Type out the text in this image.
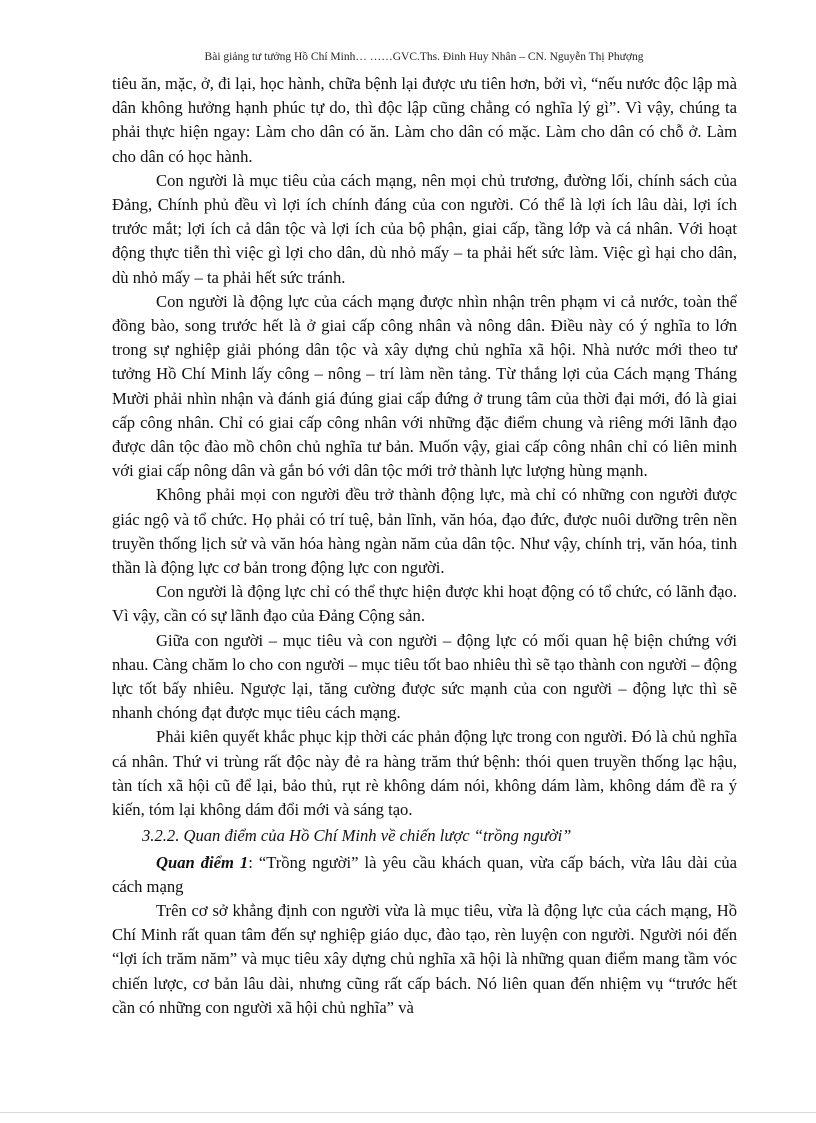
Bài giảng tư tưởng Hồ Chí Minh… ……GVC.Ths. Đinh Huy Nhân – CN. Nguyễn Thị Phượng

tiêu ăn, mặc, ở, đi lại, học hành, chữa bệnh lại được ưu tiên hơn, bởi vì, “nếu nước độc lập mà dân không hưởng hạnh phúc tự do, thì độc lập cũng chẳng có nghĩa lý gì”. Vì vậy, chúng ta phải thực hiện ngay: Làm cho dân có ăn. Làm cho dân có mặc. Làm cho dân có chỗ ở. Làm cho dân có học hành.

Con người là mục tiêu của cách mạng, nên mọi chủ trương, đường lối, chính sách của Đảng, Chính phủ đều vì lợi ích chính đáng của con người. Có thể là lợi ích lâu dài, lợi ích trước mắt; lợi ích cả dân tộc và lợi ích của bộ phận, giai cấp, tầng lớp và cá nhân. Với hoạt động thực tiễn thì việc gì lợi cho dân, dù nhỏ mấy – ta phải hết sức làm. Việc gì hại cho dân, dù nhỏ mấy – ta phải hết sức tránh.

Con người là động lực của cách mạng được nhìn nhận trên phạm vi cả nước, toàn thể đồng bào, song trước hết là ở giai cấp công nhân và nông dân. Điều này có ý nghĩa to lớn trong sự nghiệp giải phóng dân tộc và xây dựng chủ nghĩa xã hội. Nhà nước mới theo tư tưởng Hồ Chí Minh lấy công – nông – trí làm nền tảng. Từ thắng lợi của Cách mạng Tháng Mười phải nhìn nhận và đánh giá đúng giai cấp đứng ở trung tâm của thời đại mới, đó là giai cấp công nhân. Chỉ có giai cấp công nhân với những đặc điểm chung và riêng mới lãnh đạo được dân tộc đào mồ chôn chủ nghĩa tư bản. Muốn vậy, giai cấp công nhân chỉ có liên minh với giai cấp nông dân và gắn bó với dân tộc mới trở thành lực lượng hùng mạnh.

Không phải mọi con người đều trở thành động lực, mà chỉ có những con người được giác ngộ và tổ chức. Họ phải có trí tuệ, bản lĩnh, văn hóa, đạo đức, được nuôi dưỡng trên nền truyền thống lịch sử và văn hóa hàng ngàn năm của dân tộc. Như vậy, chính trị, văn hóa, tinh thần là động lực cơ bản trong động lực con người.

Con người là động lực chỉ có thể thực hiện được khi hoạt động có tổ chức, có lãnh đạo. Vì vậy, cần có sự lãnh đạo của Đảng Cộng sản.

Giữa con người – mục tiêu và con người – động lực có mối quan hệ biện chứng với nhau. Càng chăm lo cho con người – mục tiêu tốt bao nhiêu thì sẽ tạo thành con người – động lực tốt bấy nhiêu. Ngược lại, tăng cường được sức mạnh của con người – động lực thì sẽ nhanh chóng đạt được mục tiêu cách mạng.

Phải kiên quyết khắc phục kịp thời các phản động lực trong con người. Đó là chủ nghĩa cá nhân. Thứ vi trùng rất độc này đẻ ra hàng trăm thứ bệnh: thói quen truyền thống lạc hậu, tàn tích xã hội cũ để lại, bảo thủ, rụt rè không dám nói, không dám làm, không dám đề ra ý kiến, tóm lại không dám đổi mới và sáng tạo.

3.2.2. Quan điểm của Hồ Chí Minh về chiến lược “trồng người”

Quan điểm 1: “Trồng người” là yêu cầu khách quan, vừa cấp bách, vừa lâu dài của cách mạng

Trên cơ sở khẳng định con người vừa là mục tiêu, vừa là động lực của cách mạng, Hồ Chí Minh rất quan tâm đến sự nghiệp giáo dục, đào tạo, rèn luyện con người. Người nói đến “lợi ích trăm năm” và mục tiêu xây dựng chủ nghĩa xã hội là những quan điểm mang tầm vóc chiến lược, cơ bản lâu dài, nhưng cũng rất cấp bách. Nó liên quan đến nhiệm vụ “trước hết cần có những con người xã hội chủ nghĩa” và
